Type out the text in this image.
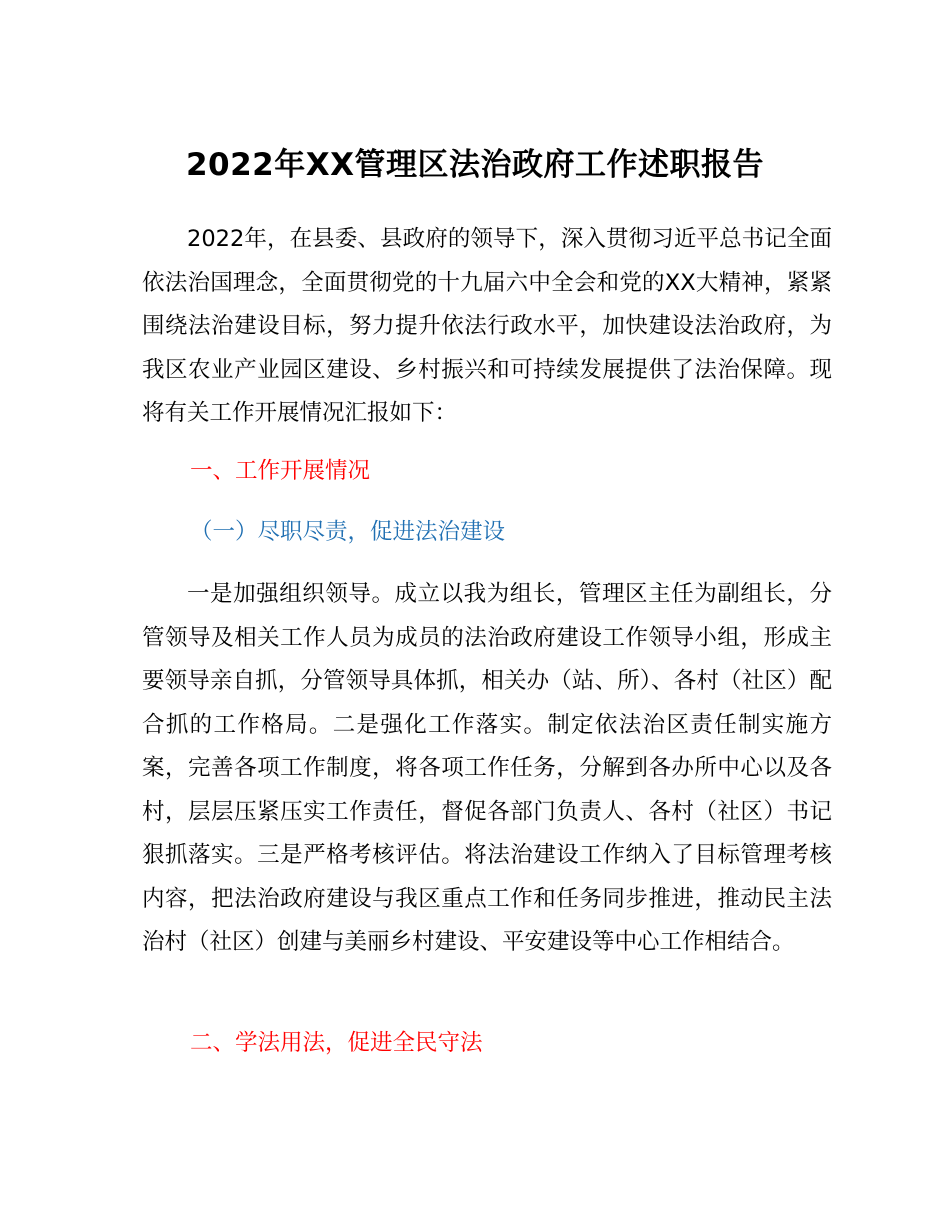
2022年XX管理区法治政府工作述职报告
2022年，在县委、县政府的领导下，深入贯彻习近平总书记全面依法治国理念，全面贯彻党的十九届六中全会和党的XX大精神，紧紧围绕法治建设目标，努力提升依法行政水平，加快建设法治政府，为我区农业产业园区建设、乡村振兴和可持续发展提供了法治保障。现将有关工作开展情况汇报如下：
一、工作开展情况
（一）尽职尽责，促进法治建设
一是加强组织领导。成立以我为组长，管理区主任为副组长，分管领导及相关工作人员为成员的法治政府建设工作领导小组，形成主要领导亲自抓，分管领导具体抓，相关办（站、所）、各村（社区）配合抓的工作格局。二是强化工作落实。制定依法治区责任制实施方案，完善各项工作制度，将各项工作任务，分解到各办所中心以及各村，层层压紧压实工作责任，督促各部门负责人、各村（社区）书记狠抓落实。三是严格考核评估。将法治建设工作纳入了目标管理考核内容，把法治政府建设与我区重点工作和任务同步推进，推动民主法治村（社区）创建与美丽乡村建设、平安建设等中心工作相结合。
二、学法用法，促进全民守法
